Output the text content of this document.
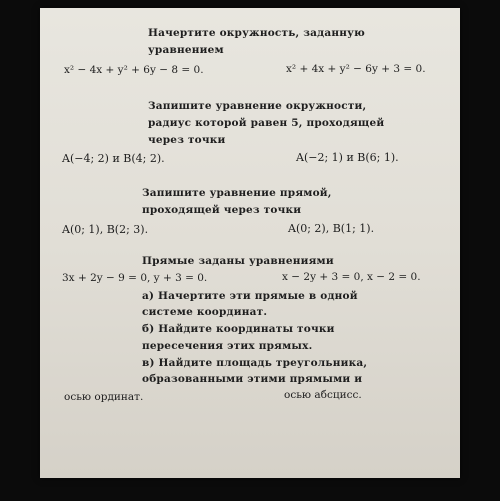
Начертите окружность, заданную
уравнением
x² − 4x + y² + 6y − 8 = 0.	x² + 4x + y² − 6y + 3 = 0.
Запишите уравнение окружности,
радиус которой равен 5, проходящей
через точки
A(−4; 2) и B(4; 2).	A(−2; 1) и B(6; 1).
Запишите уравнение прямой,
проходящей через точки
A(0; 1), B(2; 3).	A(0; 2), B(1; 1).
Прямые заданы уравнениями
3x + 2y − 9 = 0, y + 3 = 0.	x − 2y + 3 = 0, x − 2 = 0.
а) Начертите эти прямые в одной
системе координат.
б) Найдите координаты точки
пересечения этих прямых.
в) Найдите площадь треугольника,
образованными этими прямыми и
осью ординат.	осью абсцисс.
